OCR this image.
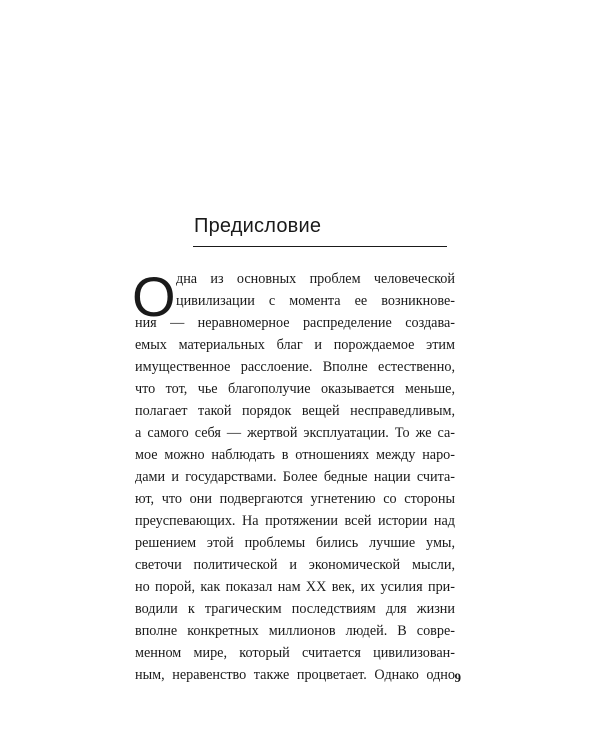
Предисловие
О дна из основных проблем человеческой
цивилизации с момента ее возникнове-
ния — неравномерное распределение создава-
емых материальных благ и порождаемое этим
имущественное расслоение. Вполне естественно,
что тот, чье благополучие оказывается меньше,
полагает такой порядок вещей несправедливым,
а самого себя — жертвой эксплуатации. То же са-
мое можно наблюдать в отношениях между наро-
дами и государствами. Более бедные нации счита-
ют, что они подвергаются угнетению со стороны
преуспевающих. На протяжении всей истории над
решением этой проблемы бились лучшие умы,
светочи политической и экономической мысли,
но порой, как показал нам XX век, их усилия при-
водили к трагическим последствиям для жизни
вполне конкретных миллионов людей. В совре-
менном мире, который считается цивилизован-
ным, неравенство также процветает. Однако одно 9
